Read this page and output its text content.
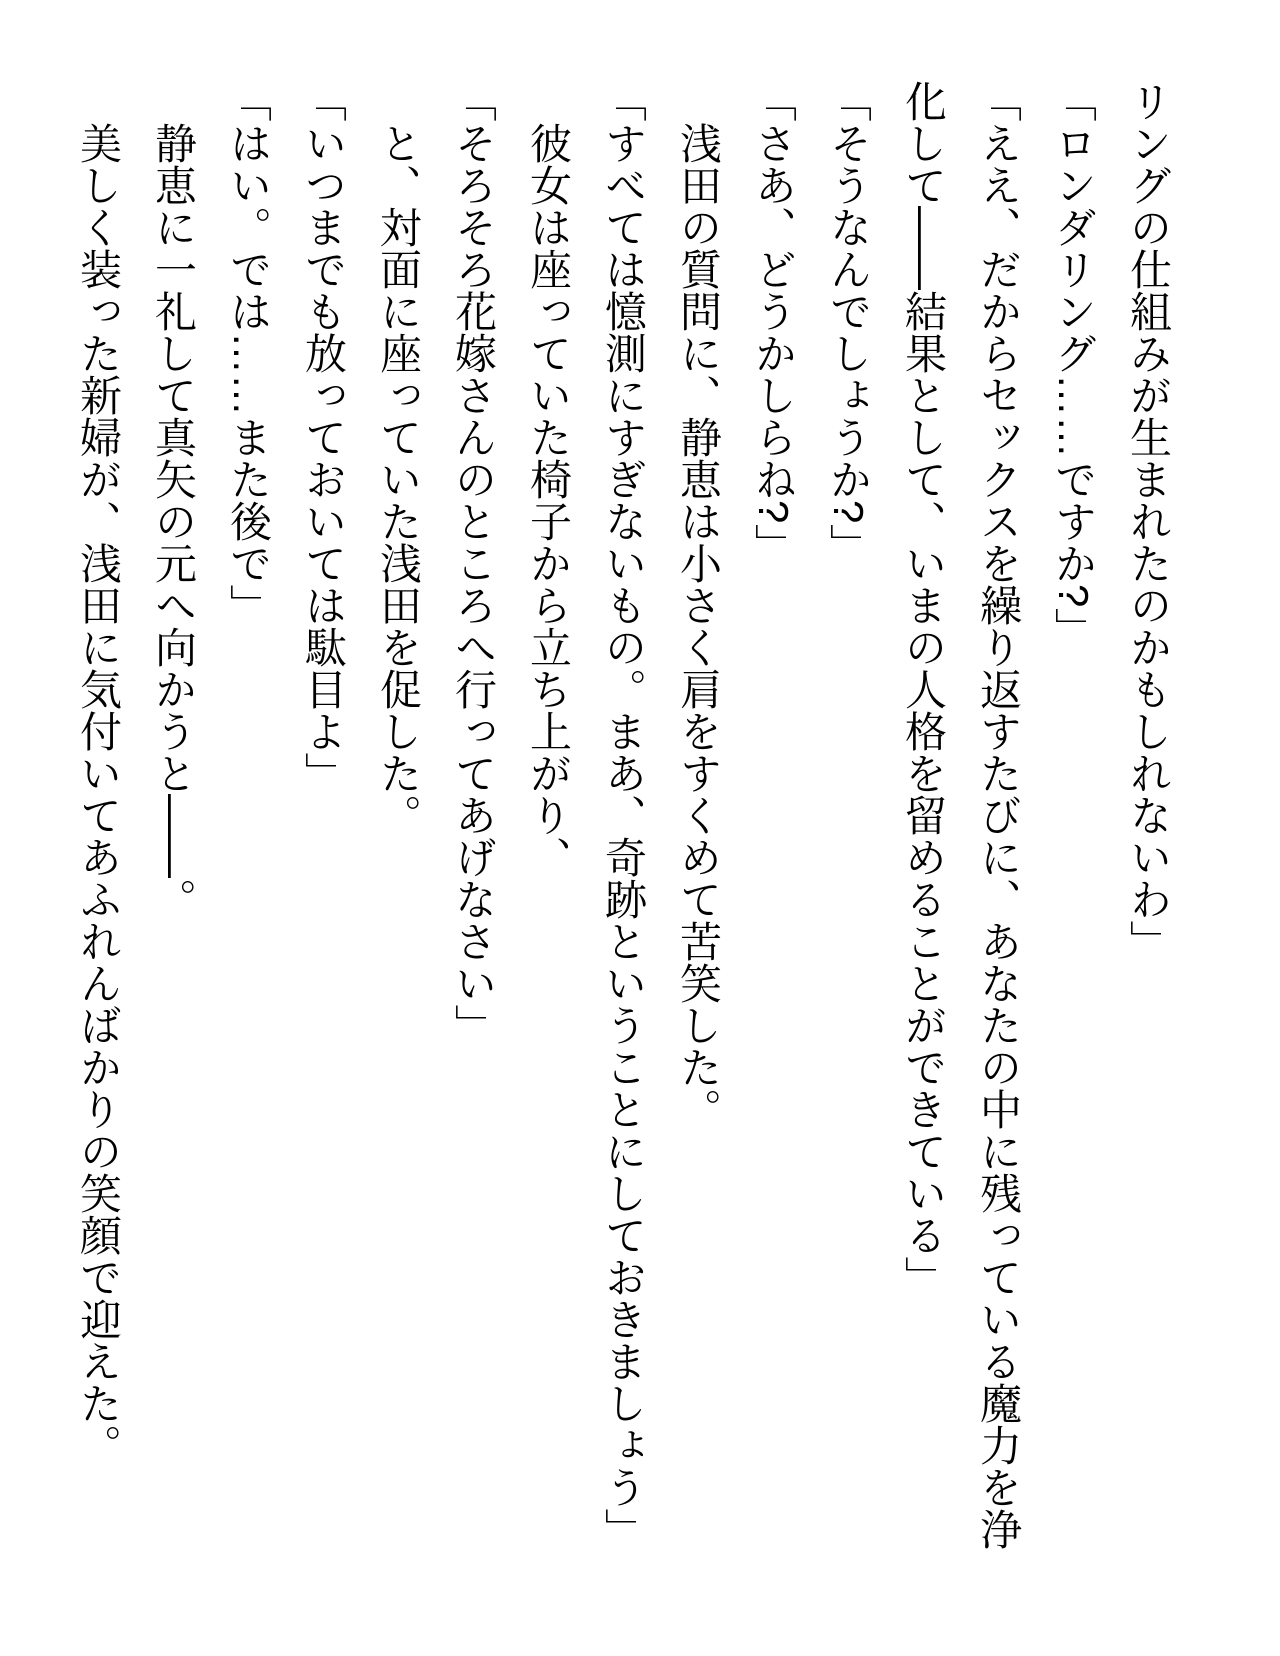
リングの仕組みが生まれたのかもしれないわ」

「ロンダリング……ですか?」

「ええ、だからセックスを繰り返すたびに、あなたの中に残っている魔力を浄化して――結果として、いまの人格を留めることができている」

「そうなんでしょうか?」

「さあ、どうかしらね?」

　浅田の質問に、静恵は小さく肩をすくめて苦笑した。

「すべては憶測にすぎないもの。まあ、奇跡ということにしておきましょう」

　彼女は座っていた椅子から立ち上がり、

「そろそろ花嫁さんのところへ行ってあげなさい」

　と、対面に座っていた浅田を促した。

「いつまでも放っておいては駄目よ」

「はい。では……また後で」

　静恵に一礼して真矢の元へ向かうと――。

　美しく装った新婦が、浅田に気付いてあふれんばかりの笑顔で迎えた。
